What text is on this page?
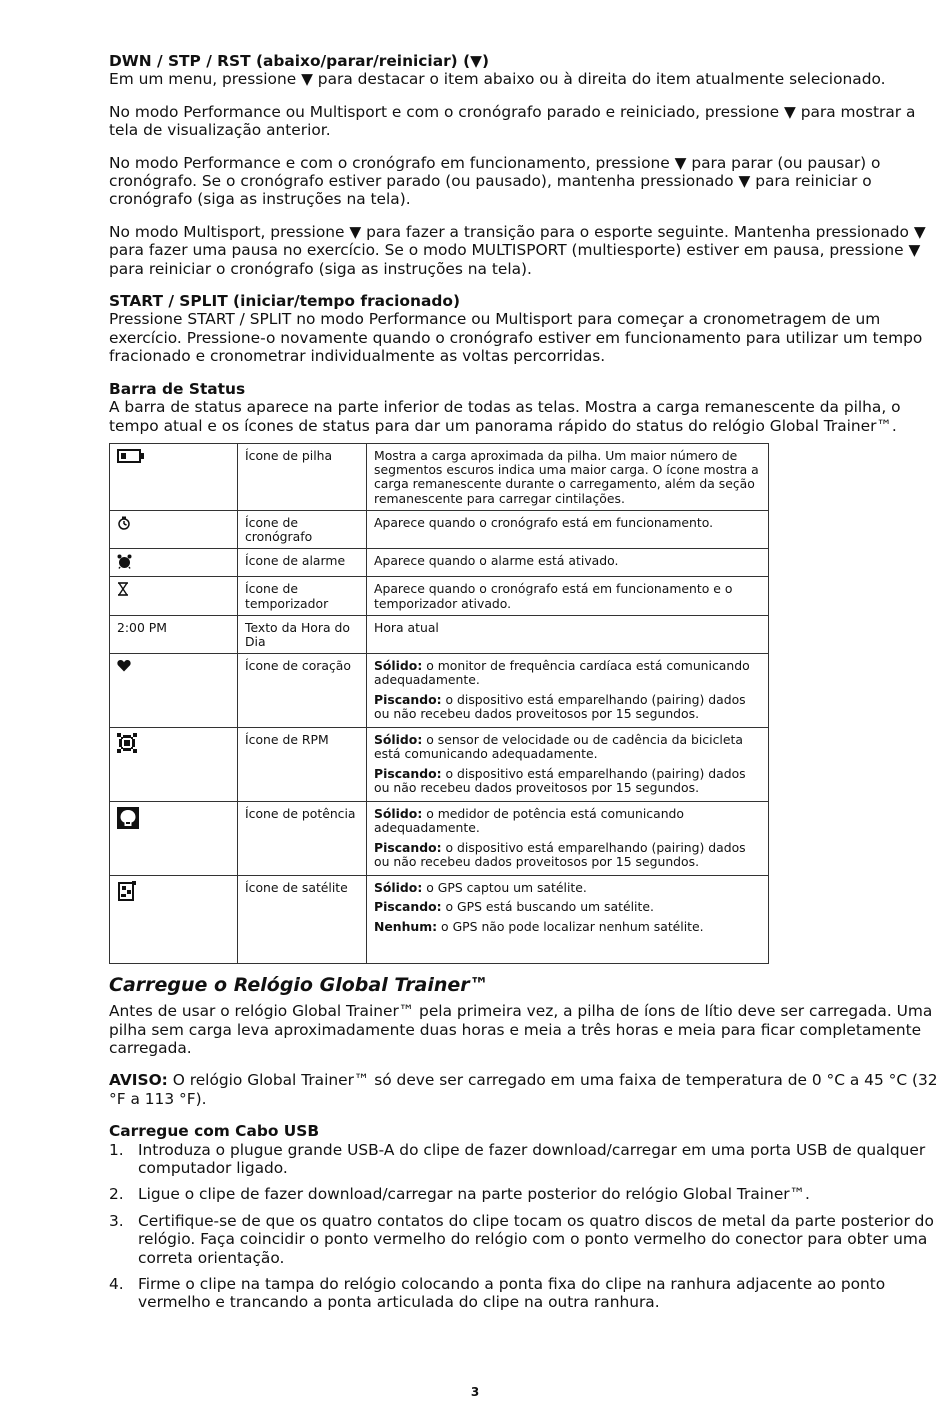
DWN / STP / RST (abaixo/parar/reiniciar) (▼)
Em um menu, pressione ▼ para destacar o item abaixo ou à direita do item atualmente selecionado.
No modo Performance ou Multisport e com o cronógrafo parado e reiniciado, pressione ▼ para mostrar a tela de visualização anterior.
No modo Performance e com o cronógrafo em funcionamento, pressione ▼ para parar (ou pausar) o cronógrafo. Se o cronógrafo estiver parado (ou pausado), mantenha pressionado ▼ para reiniciar o cronógrafo (siga as instruções na tela).
No modo Multisport, pressione ▼ para fazer a transição para o esporte seguinte. Mantenha pressionado ▼ para fazer uma pausa no exercício. Se o modo MULTISPORT (multiesporte) estiver em pausa, pressione ▼ para reiniciar o cronógrafo (siga as instruções na tela).
START / SPLIT (iniciar/tempo fracionado)
Pressione START / SPLIT no modo Performance ou Multisport para começar a cronometragem de um exercício. Pressione-o novamente quando o cronógrafo estiver em funcionamento para utilizar um tempo fracionado e cronometrar individualmente as voltas percorridas.
Barra de Status
A barra de status aparece na parte inferior de todas as telas. Mostra a carga remanescente da pilha, o tempo atual e os ícones de status para dar um panorama rápido do status do relógio Global Trainer™.
	Ícone de pilha	Mostra a carga aproximada da pilha. Um maior número de segmentos escuros indica uma maior carga. O ícone mostra a carga remanescente durante o carregamento, além da seção remanescente para carregar cintilações.
	Ícone de cronógrafo	Aparece quando o cronógrafo está em funcionamento.
	Ícone de alarme	Aparece quando o alarme está ativado.
	Ícone de temporizador	Aparece quando o cronógrafo está em funcionamento e o temporizador ativado.
2:00 PM	Texto da Hora do Dia	Hora atual
	Ícone de coração	Sólido: o monitor de frequência cardíaca está comunicando adequadamente.

Piscando: o dispositivo está emparelhando (pairing) dados ou não recebeu dados proveitosos por 15 segundos.

	Ícone de RPM	Sólido: o sensor de velocidade ou de cadência da bicicleta está comunicando adequadamente.

Piscando: o dispositivo está emparelhando (pairing) dados ou não recebeu dados proveitosos por 15 segundos.

	Ícone de potência	Sólido: o medidor de potência está comunicando adequadamente.

Piscando: o dispositivo está emparelhando (pairing) dados ou não recebeu dados proveitosos por 15 segundos.

	Ícone de satélite	Sólido: o GPS captou um satélite.

Piscando: o GPS está buscando um satélite.

Nenhum: o GPS não pode localizar nenhum satélite.

Carregue o Relógio Global Trainer™
Antes de usar o relógio Global Trainer™ pela primeira vez, a pilha de íons de lítio deve ser carregada. Uma pilha sem carga leva aproximadamente duas horas e meia a três horas e meia para ficar completamente carregada.
AVISO: O relógio Global Trainer™ só deve ser carregado em uma faixa de temperatura de 0 °C a 45 °C (32 °F a 113 °F).
Carregue com Cabo USB
1. Introduza o plugue grande USB-A do clipe de fazer download/carregar em uma porta USB de qualquer computador ligado.
2. Ligue o clipe de fazer download/carregar na parte posterior do relógio Global Trainer™.
3. Certifique-se de que os quatro contatos do clipe tocam os quatro discos de metal da parte posterior do relógio. Faça coincidir o ponto vermelho do relógio com o ponto vermelho do conector para obter uma correta orientação.
4. Firme o clipe na tampa do relógio colocando a ponta fixa do clipe na ranhura adjacente ao ponto vermelho e trancando a ponta articulada do clipe na outra ranhura.
3
